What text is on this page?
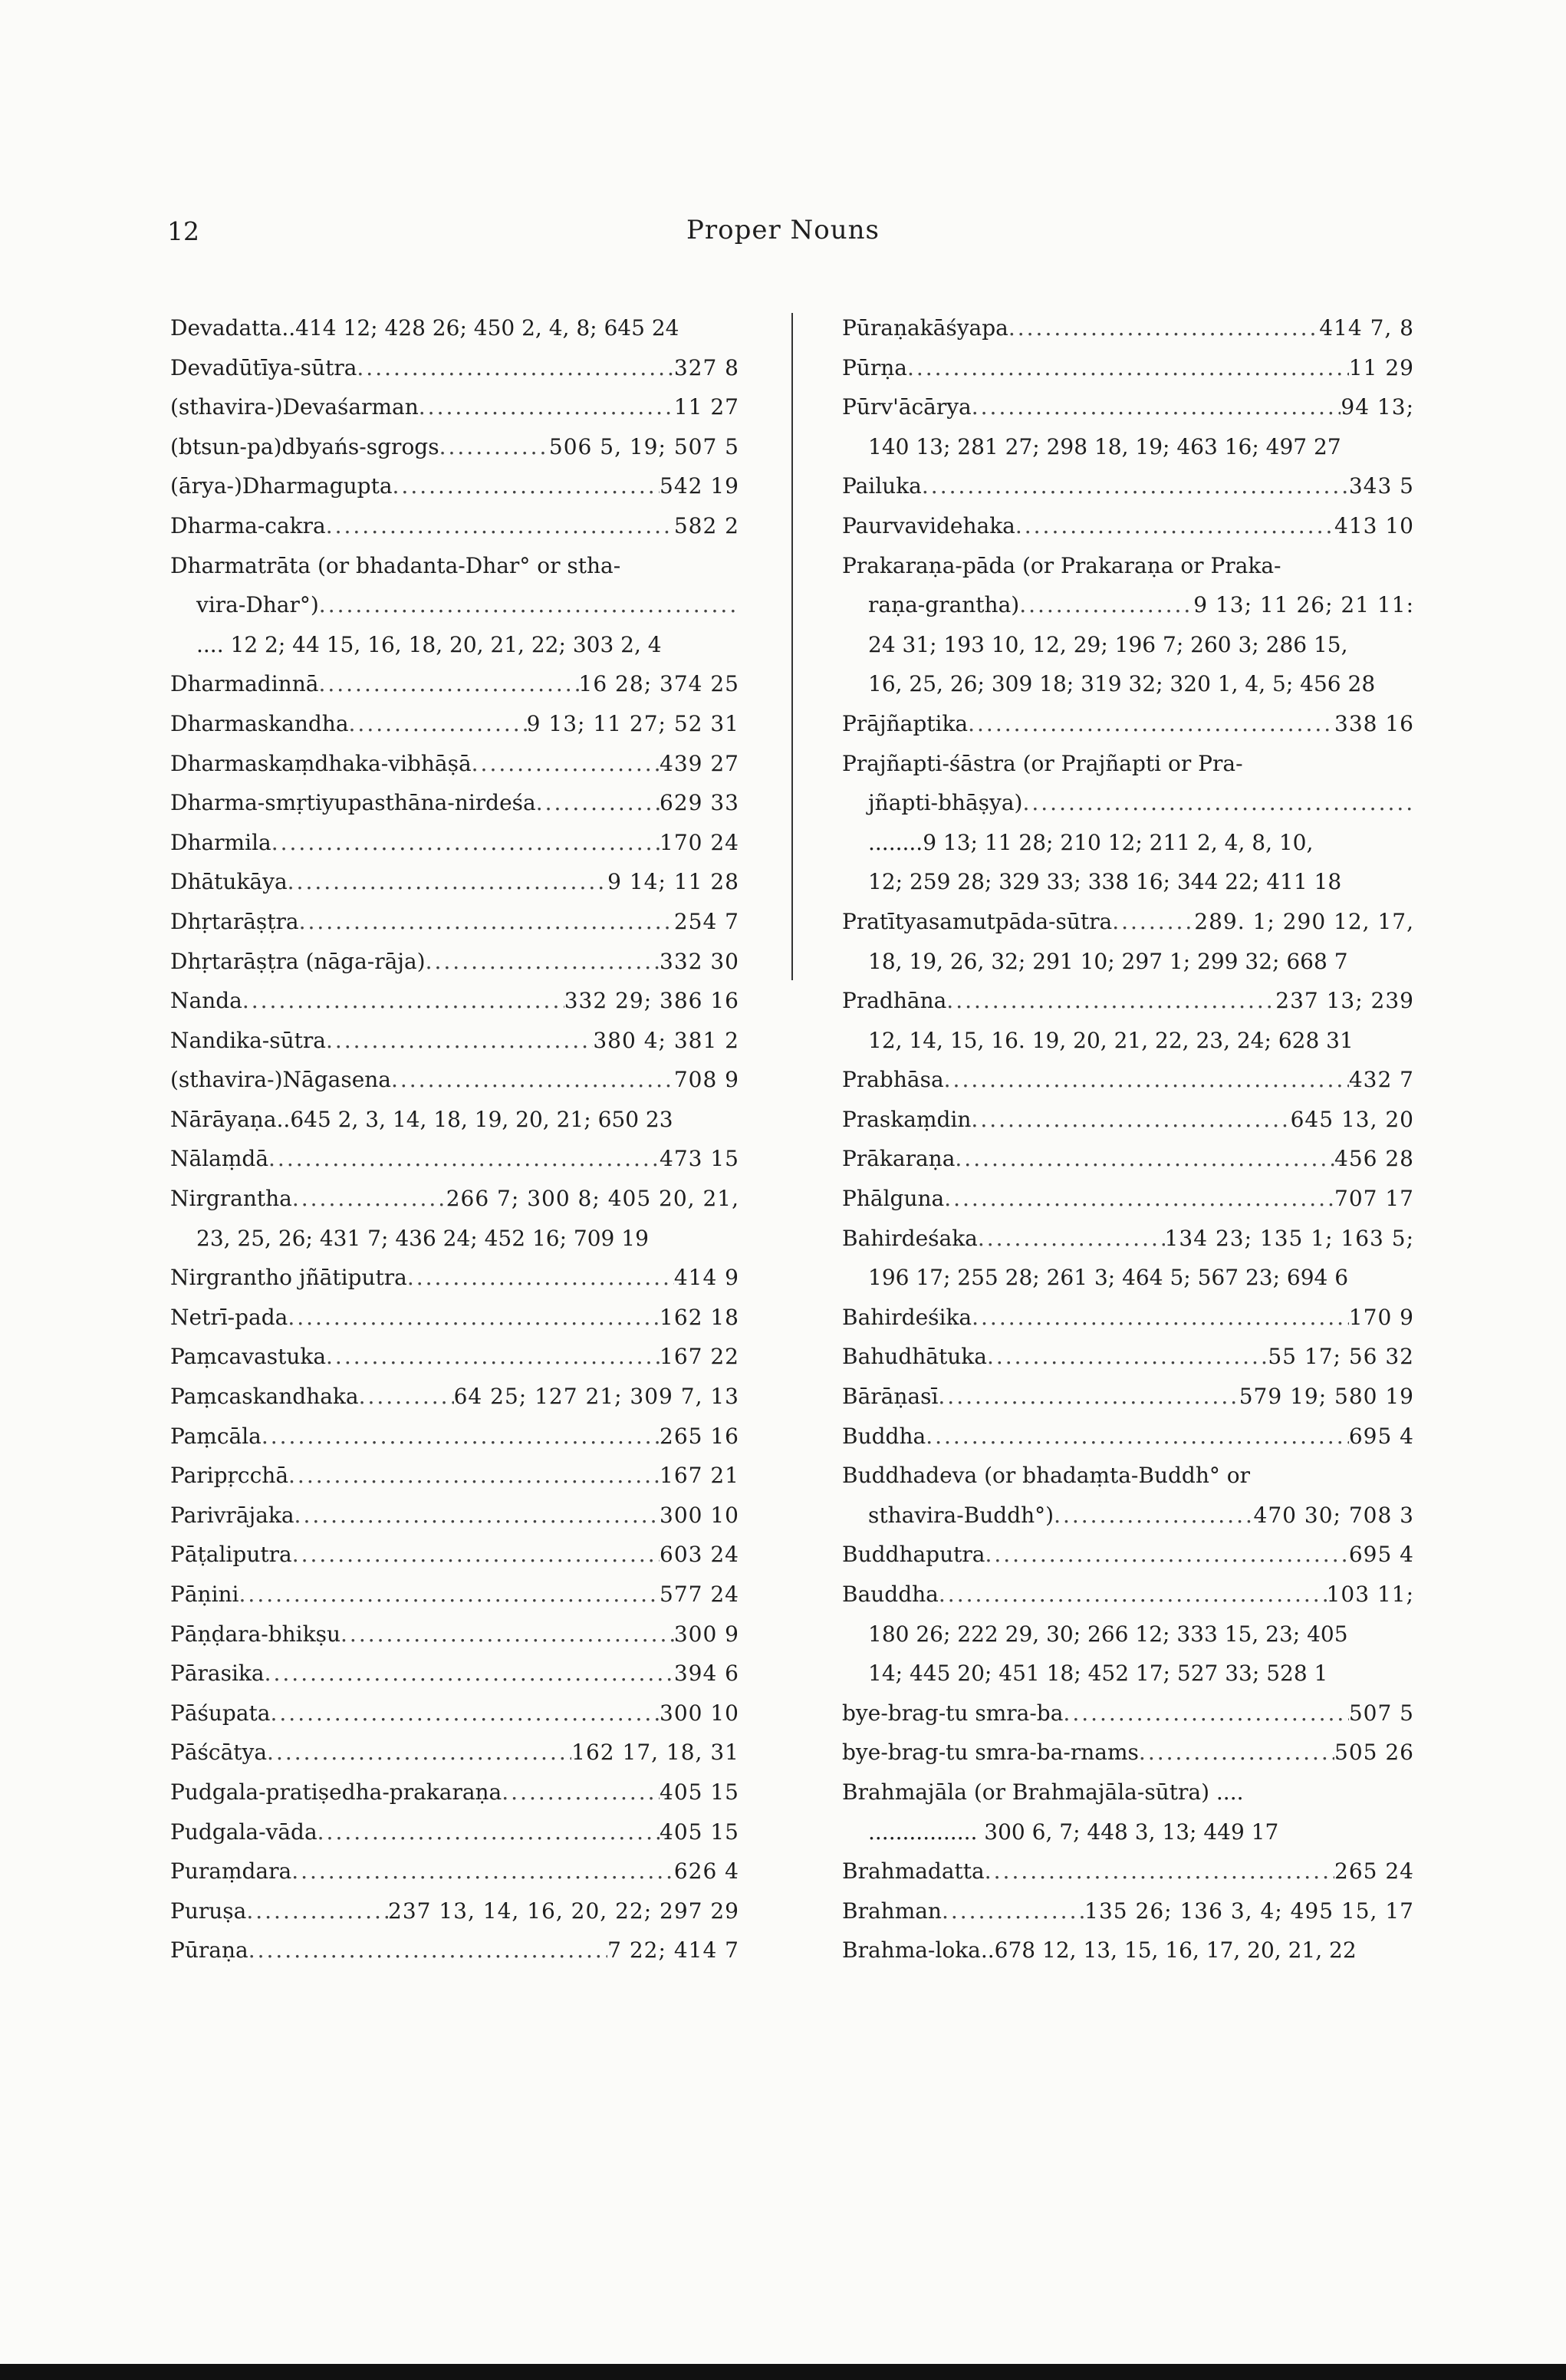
12	Proper Nouns
Devadatta..414 12; 428 26; 450 2, 4, 8; 645 24
Devadūtīya-sūtra .....	327 8
(sthavira-)Devaśarman .....	11 27
(btsun-pa)dbyańs-sgrogs .....	506 5, 19; 507 5
(ārya-)Dharmagupta .....	542 19
Dharma-cakra .....	582 2
Dharmatrāta (or bhadanta-Dhar° or stha-
vira-Dhar°)
.....
.... 12 2; 44 15, 16, 18, 20, 21, 22; 303 2, 4
Dharmadinnā .....	16 28; 374 25
Dharmaskandha .....	9 13; 11 27; 52 31
Dharmaskaṃdhaka-vibhāṣā .....	439 27
Dharma-smṛtiyupasthāna-nirdeśa .....	629 33
Dharmila .....	170 24
Dhātukāya .....	9 14; 11 28
Dhṛtarāṣṭra .....	254 7
Dhṛtarāṣṭra (nāga-rāja) .....	332 30
Nanda .....	332 29; 386 16
Nandika-sūtra .....	380 4; 381 2
(sthavira-)Nāgasena .....	708 9
Nārāyaṇa..645 2, 3, 14, 18, 19, 20, 21; 650 23
Nālaṃdā .....	473 15
Nirgrantha .....	266 7; 300 8; 405 20, 21,
23, 25, 26; 431 7; 436 24; 452 16; 709 19
Nirgrantho jñātiputra .....	414 9
Netrī-pada .....	162 18
Paṃcavastuka .....	167 22
Paṃcaskandhaka .....	64 25; 127 21; 309 7, 13
Paṃcāla .....	265 16
Paripṛcchā .....	167 21
Parivrājaka .....	300 10
Pāṭaliputra .....	603 24
Pāṇini .....	577 24
Pāṇḍara-bhikṣu .....	300 9
Pārasika .....	394 6
Pāśupata .....	300 10
Pāścātya .....	162 17, 18, 31
Pudgala-pratiṣedha-prakaraṇa .....	405 15
Pudgala-vāda .....	405 15
Puraṃdara .....	626 4
Puruṣa .....	237 13, 14, 16, 20, 22; 297 29
Pūraṇa .....	7 22; 414 7
Pūraṇakāśyapa .....	414 7, 8
Pūrṇa .....	11 29
Pūrv'ācārya .....	94 13;
140 13; 281 27; 298 18, 19; 463 16; 497 27
Pailuka .....	343 5
Paurvavidehaka .....	413 10
Prakaraṇa-pāda (or Prakaraṇa or Praka-
raṇa-grantha) .....	9 13; 11 26; 21 11:
24 31; 193 10, 12, 29; 196 7; 260 3; 286 15,
16, 25, 26; 309 18; 319 32; 320 1, 4, 5; 456 28
Prājñaptika .....	338 16
Prajñapti-śāstra (or Prajñapti or Pra-
jñapti-bhāṣya)
.....
........9 13; 11 28; 210 12; 211 2, 4, 8, 10,
12; 259 28; 329 33; 338 16; 344 22; 411 18
Pratītyasamutpāda-sūtra .....	289. 1; 290 12, 17,
18, 19, 26, 32; 291 10; 297 1; 299 32; 668 7
Pradhāna .....	237 13; 239
12, 14, 15, 16. 19, 20, 21, 22, 23, 24; 628 31
Prabhāsa .....	432 7
Praskaṃdin .....	645 13, 20
Prākaraṇa .....	456 28
Phālguna .....	707 17
Bahirdeśaka .....	134 23; 135 1; 163 5;
196 17; 255 28; 261 3; 464 5; 567 23; 694 6
Bahirdeśika .....	170 9
Bahudhātuka .....	55 17; 56 32
Bārāṇasī .....	579 19; 580 19
Buddha .....	695 4
Buddhadeva (or bhadaṃta-Buddh° or
sthavira-Buddh°) .....	470 30; 708 3
Buddhaputra .....	695 4
Bauddha .....	103 11;
180 26; 222 29, 30; 266 12; 333 15, 23; 405
14; 445 20; 451 18; 452 17; 527 33; 528 1
bye-brag-tu smra-ba .....	507 5
bye-brag-tu smra-ba-rnams .....	505 26
Brahmajāla (or Brahmajāla-sūtra) ....
................ 300 6, 7; 448 3, 13; 449 17
Brahmadatta .....	265 24
Brahman .....	135 26; 136 3, 4; 495 15, 17
Brahma-loka..678 12, 13, 15, 16, 17, 20, 21, 22
